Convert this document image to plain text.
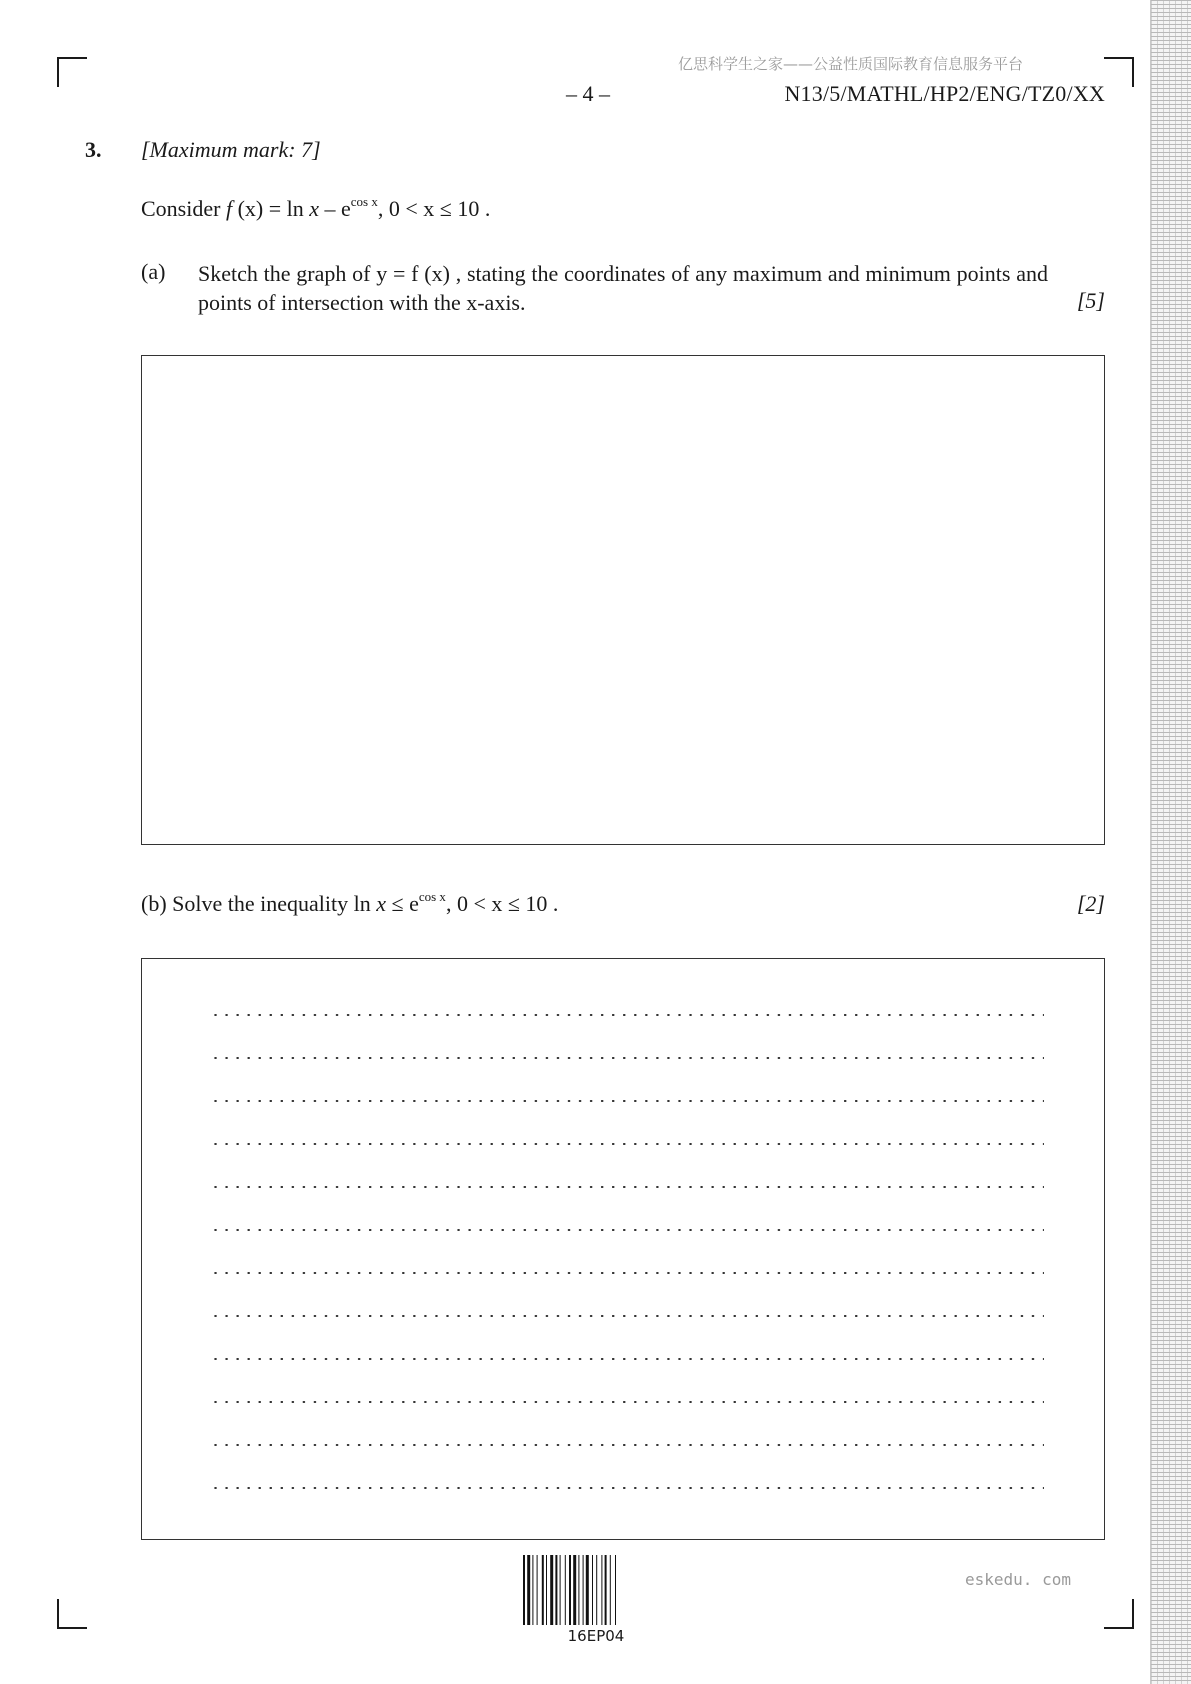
亿思科学生之家——公益性质国际教育信息服务平台
– 4 –	N13/5/MATHL/HP2/ENG/TZ0/XX
3. [Maximum mark: 7]
Consider f $(x) = \ln x - e^{cos x}$, 0 < x ≤ 10 .
(a) Sketch the graph of y = f (x) , stating the coordinates of any maximum and minimum points and points of intersection with the x-axis.	[5]
(b) Solve the inequality $\ln x \le e^{cos x}$, 0 < x ≤ 10 .	[2]
16EP04
eskedu. com
